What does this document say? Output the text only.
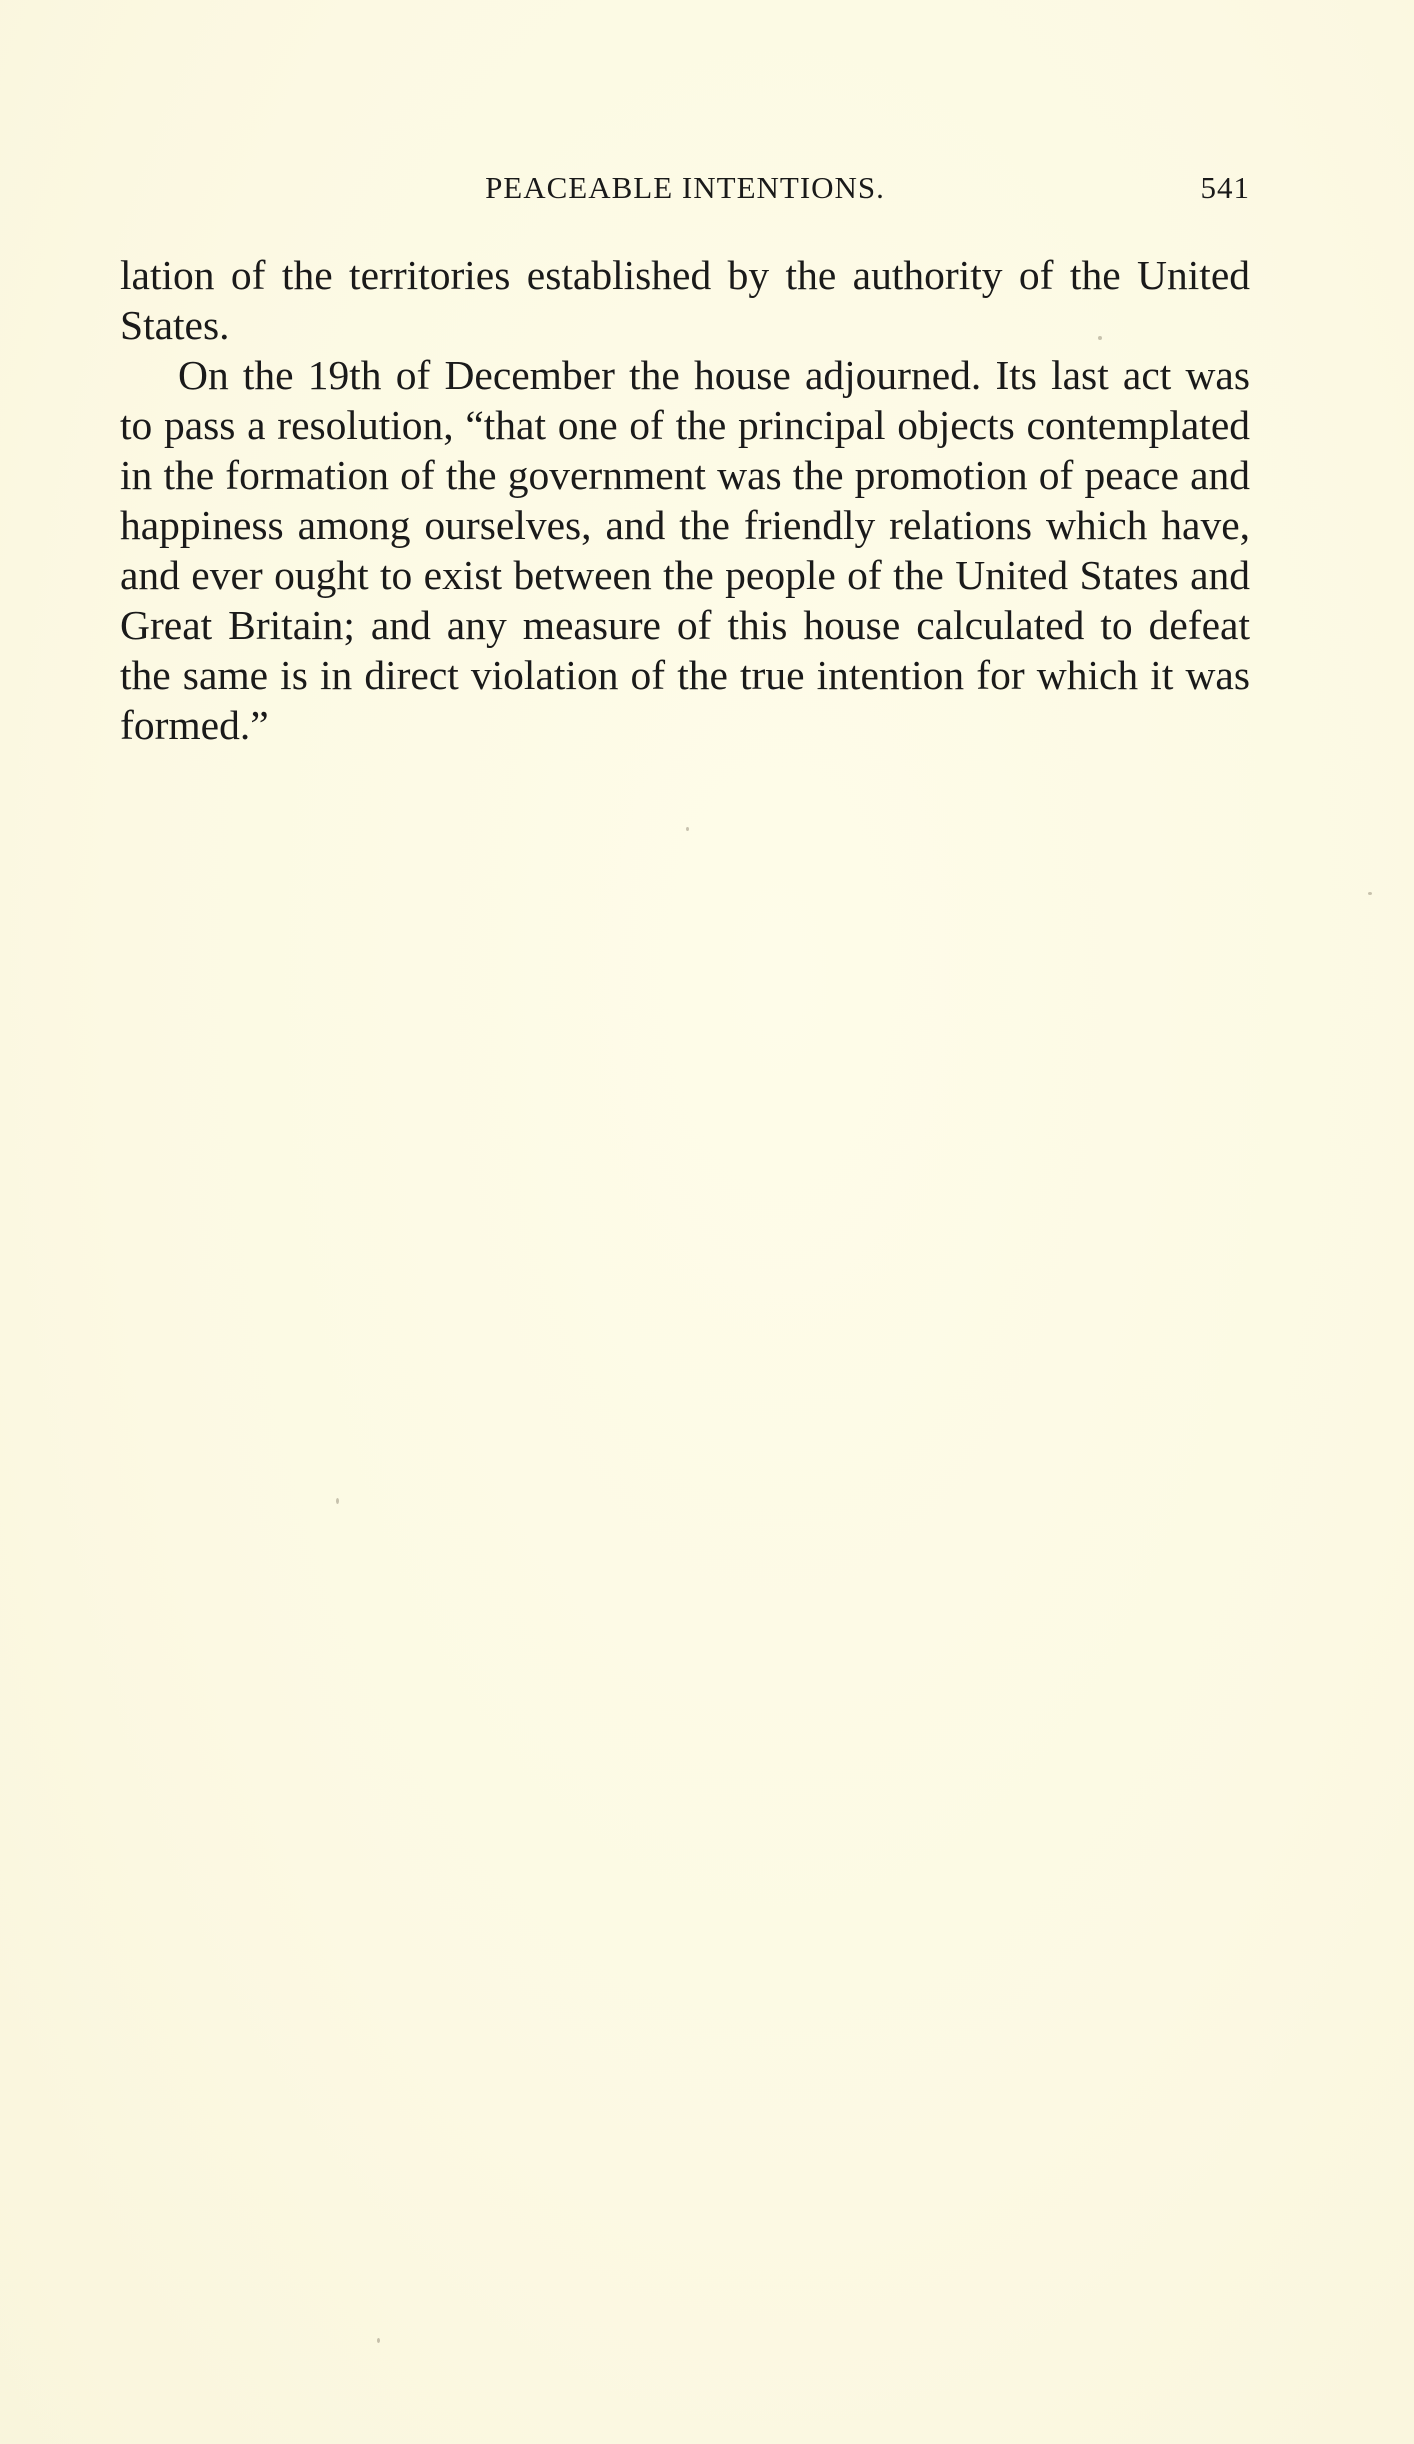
PEACEABLE INTENTIONS.	541

lation of the territories established by the authority of the United States.

On the 19th of December the house adjourned. Its last act was to pass a resolution, “that one of the principal objects contemplated in the formation of the government was the promotion of peace and happiness among ourselves, and the friendly relations which have, and ever ought to exist between the people of the United States and Great Britain; and any measure of this house calculated to defeat the same is in direct violation of the true intention for which it was formed.”
